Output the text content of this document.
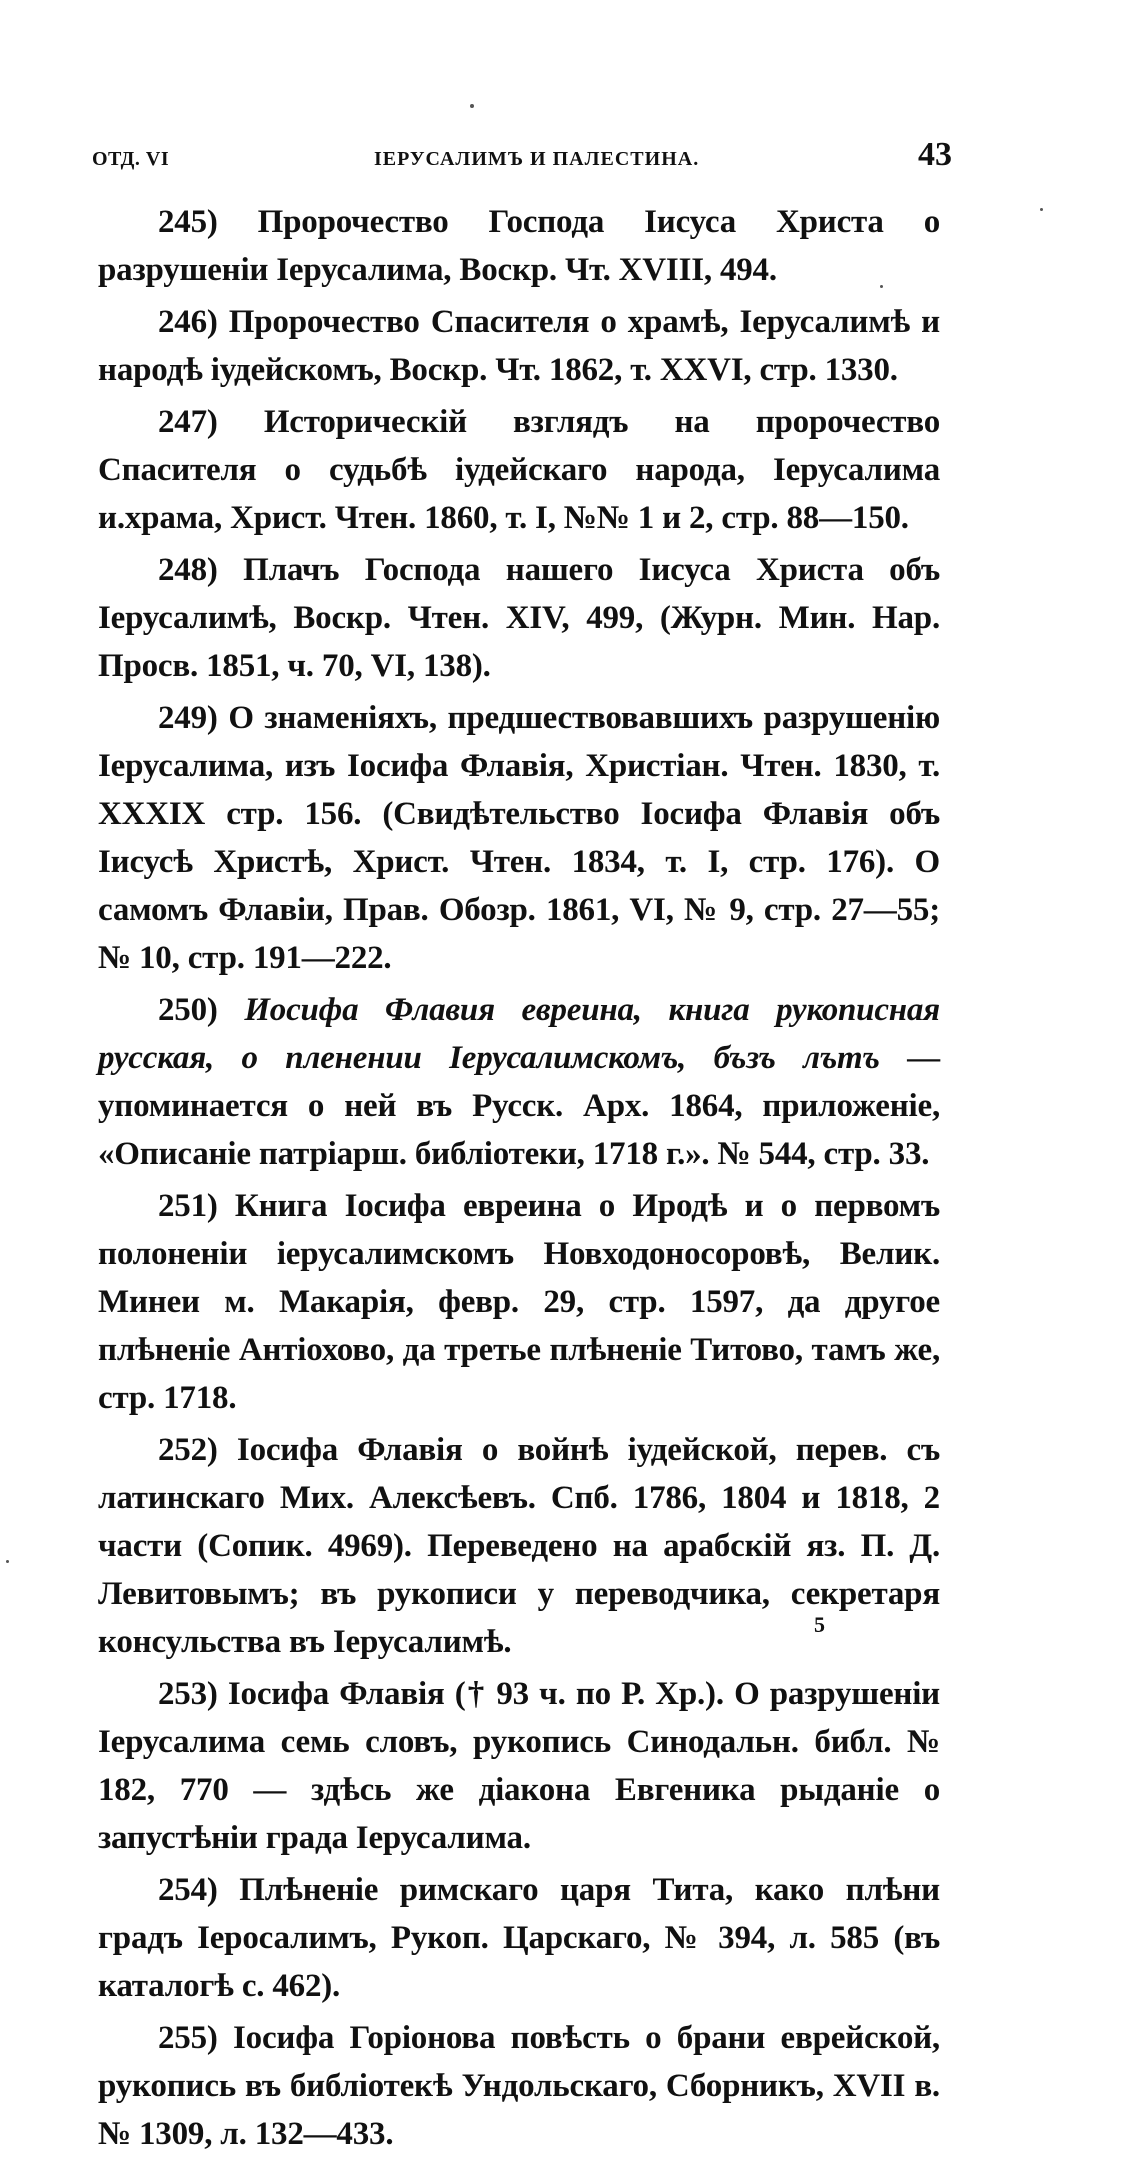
ОТД. VI	ІЕРУСАЛИМЪ И ПАЛЕСТИНА.	43

245) Пророчество Господа Іисуса Христа о разрушеніи Іерусалима, Воскр. Чт. XVIII, 494.

246) Пророчество Спасителя о храмѣ, Іерусалимѣ и народѣ іудейскомъ, Воскр. Чт. 1862, т. XXVI, стр. 1330.

247) Историческій взглядъ на пророчество Спасителя о судьбѣ іудейскаго народа, Іерусалима и.храма, Христ. Чтен. 1860, т. I, №№ 1 и 2, стр. 88—150.

248) Плачъ Господа нашего Іисуса Христа объ Іерусалимѣ, Воскр. Чтен. XIV, 499, (Журн. Мин. Нар. Просв. 1851, ч. 70, VI, 138).

249) О знаменіяхъ, предшествовавшихъ разрушенію Іерусалима, изъ Іосифа Флавія, Христіан. Чтен. 1830, т. XXXIX стр. 156. (Свидѣтельство Іосифа Флавія объ Іисусѣ Христѣ, Христ. Чтен. 1834, т. I, стр. 176). О самомъ Флавіи, Прав. Обозр. 1861, VI, № 9, стр. 27—55; № 10, стр. 191—222.

250) Иосифа Флавия евреина, книга рукописная русская, о пленении Іерусалимскомъ, бъзъ лътъ — упоминается о ней въ Русск. Арх. 1864, приложеніе, «Описаніе патріарш. библіотеки, 1718 г.». № 544, стр. 33.

251) Книга Іосифа евреина о Иродѣ и о первомъ полоненіи іерусалимскомъ Новходоносоровѣ, Велик. Минеи м. Макарія, февр. 29, стр. 1597, да другое плѣненіе Антіохово, да третье плѣненіе Титово, тамъ же, стр. 1718.

252) Іосифа Флавія о войнѣ іудейской, перев. съ латинскаго Мих. Алексѣевъ. Спб. 1786, 1804 и 1818, 2 части (Сопик. 4969). Переведено на арабскій яз. П. Д. Левитовымъ; въ рукописи у переводчика, секретаря консульства въ Іерусалимѣ.

253) Іосифа Флавія († 93 ч. по Р. Хр.). О разрушеніи Іерусалима семь словъ, рукопись Синодальн. библ. № 182, 770 — здѣсь же діакона Евгеника рыданіе о запустѣніи града Іерусалима.

254) Плѣненіе римскаго царя Тита, како плѣни градъ Іеросалимъ, Рукоп. Царскаго, № 394, л. 585 (въ каталогѣ с. 462).

255) Іосифа Горіонова повѣсть о брани еврейской, рукопись въ библіотекѣ Ундольскаго, Сборникъ, XVII в. № 1309, л. 132—433.

5
